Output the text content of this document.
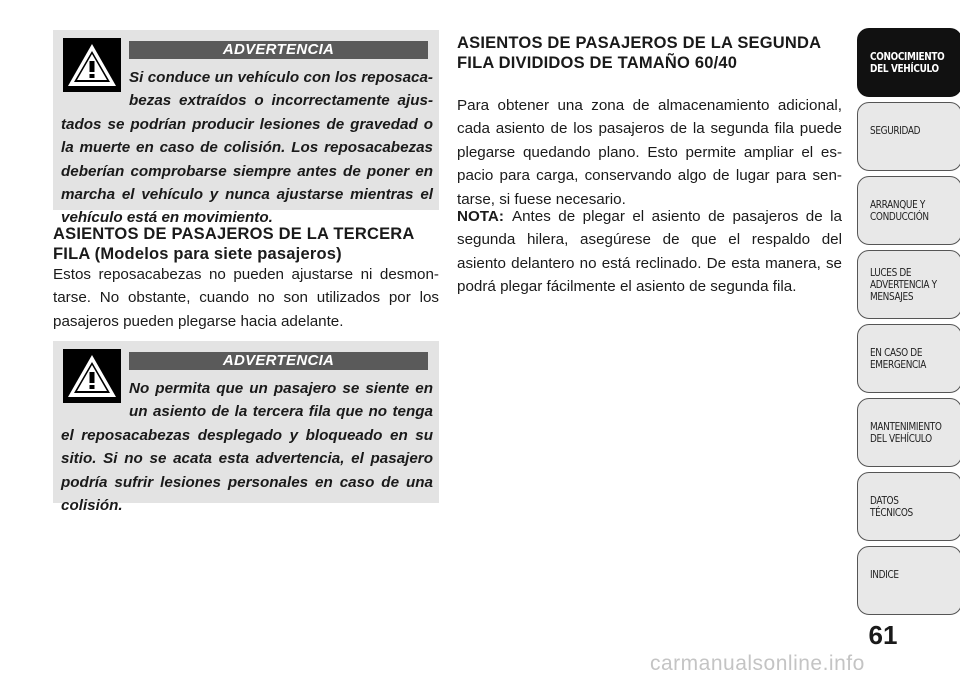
ADVERTENCIA
Si conduce un vehículo con los reposaca-bezas extraídos o incorrectamente ajus-tados se podrían producir lesiones de gravedad o la muerte en caso de colisión. Los reposacabezas deberían comprobarse siempre antes de poner en marcha el vehículo y nunca ajustarse mientras el vehículo está en movimiento.
ASIENTOS DE PASAJEROS DE LA TERCERA FILA (Modelos para siete pasajeros)
Estos reposacabezas no pueden ajustarse ni desmon-tarse. No obstante, cuando no son utilizados por los pasajeros pueden plegarse hacia adelante.
ADVERTENCIA
No permita que un pasajero se siente en un asiento de la tercera fila que no tenga el reposacabezas desplegado y bloqueado en su sitio. Si no se acata esta advertencia, el pasajero podría sufrir lesiones personales en caso de una colisión.
ASIENTOS DE PASAJEROS DE LA SEGUNDA FILA DIVIDIDOS DE TAMAÑO 60/40
Para obtener una zona de almacenamiento adicional, cada asiento de los pasajeros de la segunda fila puede plegarse quedando plano. Esto permite ampliar el es-pacio para carga, conservando algo de lugar para sen-tarse, si fuese necesario.
NOTA: Antes de plegar el asiento de pasajeros de la segunda hilera, asegúrese de que el respaldo del asiento delantero no está reclinado. De esta manera, se podrá plegar fácilmente el asiento de segunda fila.
CONOCIMIENTO
DEL VEHÍCULO
SEGURIDAD
ARRANQUE Y
CONDUCCIÓN
LUCES DE
ADVERTENCIA Y
MENSAJES
EN CASO DE
EMERGENCIA
MANTENIMIENTO
DEL VEHÍCULO
DATOS
TÉCNICOS
INDICE
61
carmanualsonline.info
